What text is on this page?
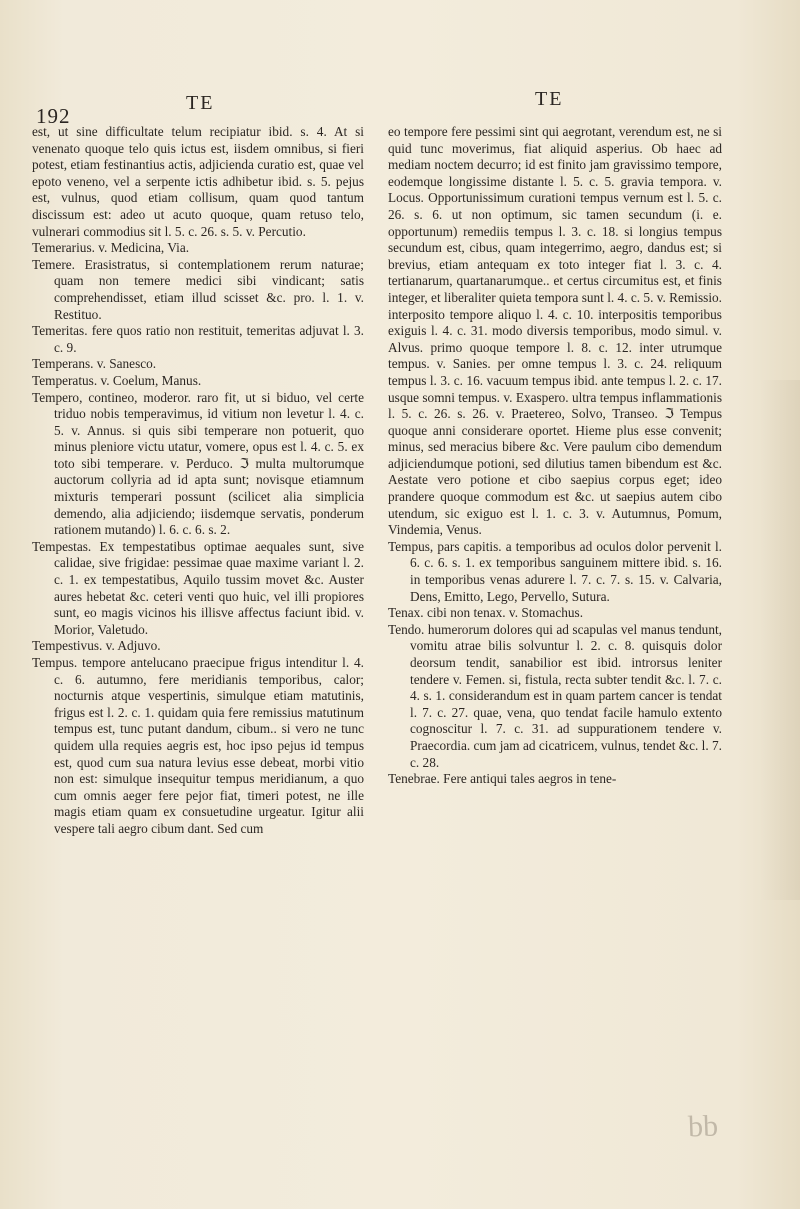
192
TE	TE

est, ut sine difficultate telum recipiatur ibid. s. 4. At si venenato quoque telo quis ictus est, iisdem omnibus, si fieri potest, etiam festinantius actis, adjicienda curatio est, quae vel epoto veneno, vel a serpente ictis adhibetur ibid. s. 5. pejus est, vulnus, quod etiam collisum, quam quod tantum discissum est: adeo ut acuto quoque, quam retuso telo, vulnerari commodius sit l. 5. c. 26. s. 5. v. Percutio.

Temerarius. v. Medicina, Via.

Temere. Erasistratus, si contemplationem rerum naturae; quam non temere medici sibi vindicant; satis comprehendisset, etiam illud scisset &c. pro. l. 1. v. Restituo.

Temeritas. fere quos ratio non restituit, temeritas adjuvat l. 3. c. 9.

Temperans. v. Sanesco.

Temperatus. v. Coelum, Manus.

Tempero, contineo, moderor. raro fit, ut si biduo, vel certe triduo nobis temperavimus, id vitium non levetur l. 4. c. 5. v. Annus. si quis sibi temperare non potuerit, quo minus pleniore victu utatur, vomere, opus est l. 4. c. 5. ex toto sibi temperare. v. Perduco. ℑ multa multorumque auctorum collyria ad id apta sunt; novisque etiamnum mixturis temperari possunt (scilicet alia simplicia demendo, alia adjiciendo; iisdemque servatis, ponderum rationem mutando) l. 6. c. 6. s. 2.

Tempestas. Ex tempestatibus optimae aequales sunt, sive calidae, sive frigidae: pessimae quae maxime variant l. 2. c. 1. ex tempestatibus, Aquilo tussim movet &c. Auster aures hebetat &c. ceteri venti quo huic, vel illi propiores sunt, eo magis vicinos his illisve affectus faciunt ibid. v. Morior, Valetudo.

Tempestivus. v. Adjuvo.

Tempus. tempore antelucano praecipue frigus intenditur l. 4. c. 6. autumno, fere meridianis temporibus, calor; nocturnis atque vespertinis, simulque etiam matutinis, frigus est l. 2. c. 1. quidam quia fere remissius matutinum tempus est, tunc putant dandum, cibum.. si vero ne tunc quidem ulla requies aegris est, hoc ipso pejus id tempus est, quod cum sua natura levius esse debeat, morbi vitio non est: simulque insequitur tempus meridianum, a quo cum omnis aeger fere pejor fiat, timeri potest, ne ille magis etiam quam ex consuetudine urgeatur. Igitur alii vespere tali aegro cibum dant. Sed cum

eo tempore fere pessimi sint qui aegrotant, verendum est, ne si quid tunc moverimus, fiat aliquid asperius. Ob haec ad mediam noctem decurro; id est finito jam gravissimo tempore, eodemque longissime distante l. 5. c. 5. gravia tempora. v. Locus. Opportunissimum curationi tempus vernum est l. 5. c. 26. s. 6. ut non optimum, sic tamen secundum (i. e. opportunum) remediis tempus l. 3. c. 18. si longius tempus secundum est, cibus, quam integerrimo, aegro, dandus est; si brevius, etiam antequam ex toto integer fiat l. 3. c. 4. tertianarum, quartanarumque.. et certus circumitus est, et finis integer, et liberaliter quieta tempora sunt l. 4. c. 5. v. Remissio. interposito tempore aliquo l. 4. c. 10. interpositis temporibus exiguis l. 4. c. 31. modo diversis temporibus, modo simul. v. Alvus. primo quoque tempore l. 8. c. 12. inter utrumque tempus. v. Sanies. per omne tempus l. 3. c. 24. reliquum tempus l. 3. c. 16. vacuum tempus ibid. ante tempus l. 2. c. 17. usque somni tempus. v. Exaspero. ultra tempus inflammationis l. 5. c. 26. s. 26. v. Praetereo, Solvo, Transeo. ℑ Tempus quoque anni considerare oportet. Hieme plus esse convenit; minus, sed meracius bibere &c. Vere paulum cibo demendum adjiciendumque potioni, sed dilutius tamen bibendum est &c. Aestate vero potione et cibo saepius corpus eget; ideo prandere quoque commodum est &c. ut saepius autem cibo utendum, sic exiguo est l. 1. c. 3. v. Autumnus, Pomum, Vindemia, Venus.

Tempus, pars capitis. a temporibus ad oculos dolor pervenit l. 6. c. 6. s. 1. ex temporibus sanguinem mittere ibid. s. 16. in temporibus venas adurere l. 7. c. 7. s. 15. v. Calvaria, Dens, Emitto, Lego, Pervello, Sutura.

Tenax. cibi non tenax. v. Stomachus.

Tendo. humerorum dolores qui ad scapulas vel manus tendunt, vomitu atrae bilis solvuntur l. 2. c. 8. quisquis dolor deorsum tendit, sanabilior est ibid. introrsus leniter tendere v. Femen. si, fistula, recta subter tendit &c. l. 7. c. 4. s. 1. considerandum est in quam partem cancer is tendat l. 7. c. 27. quae, vena, quo tendat facile hamulo extento cognoscitur l. 7. c. 31. ad suppurationem tendere v. Praecordia. cum jam ad cicatricem, vulnus, tendet &c. l. 7. c. 28.

Tenebrae. Fere antiqui tales aegros in tene-

bb
